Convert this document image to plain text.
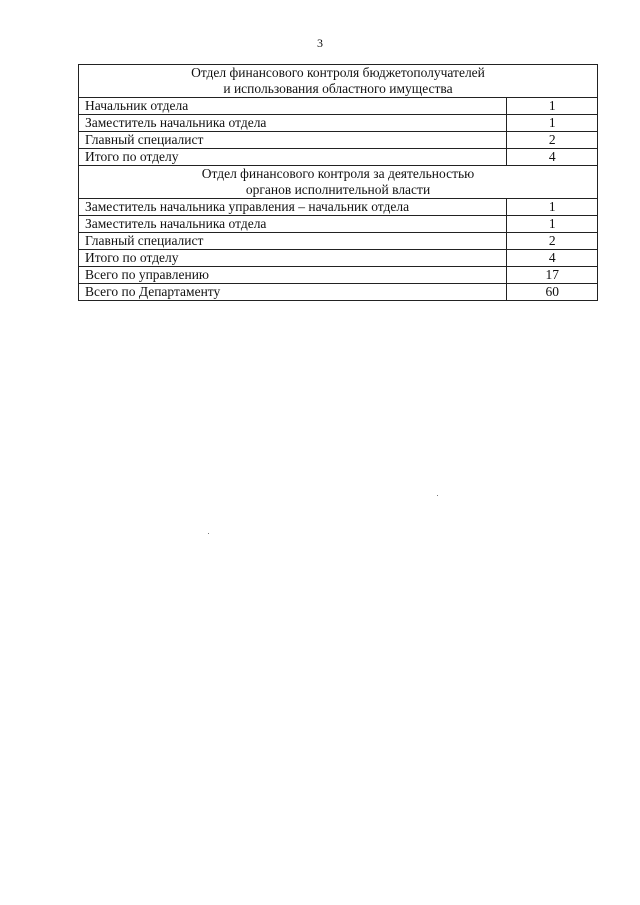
3
Отдел финансового контроля бюджетополучателей
и использования областного имущества	

Начальник отдела	1
Заместитель начальника отдела	1
Главный специалист	2
Итого по отделу	4

Отдел финансового контроля за деятельностью
органов исполнительной власти	

Заместитель начальника управления – начальник отдела	1
Заместитель начальника отдела	1
Главный специалист	2
Итого по отделу	4
Всего по управлению	17
Всего по Департаменту	60
